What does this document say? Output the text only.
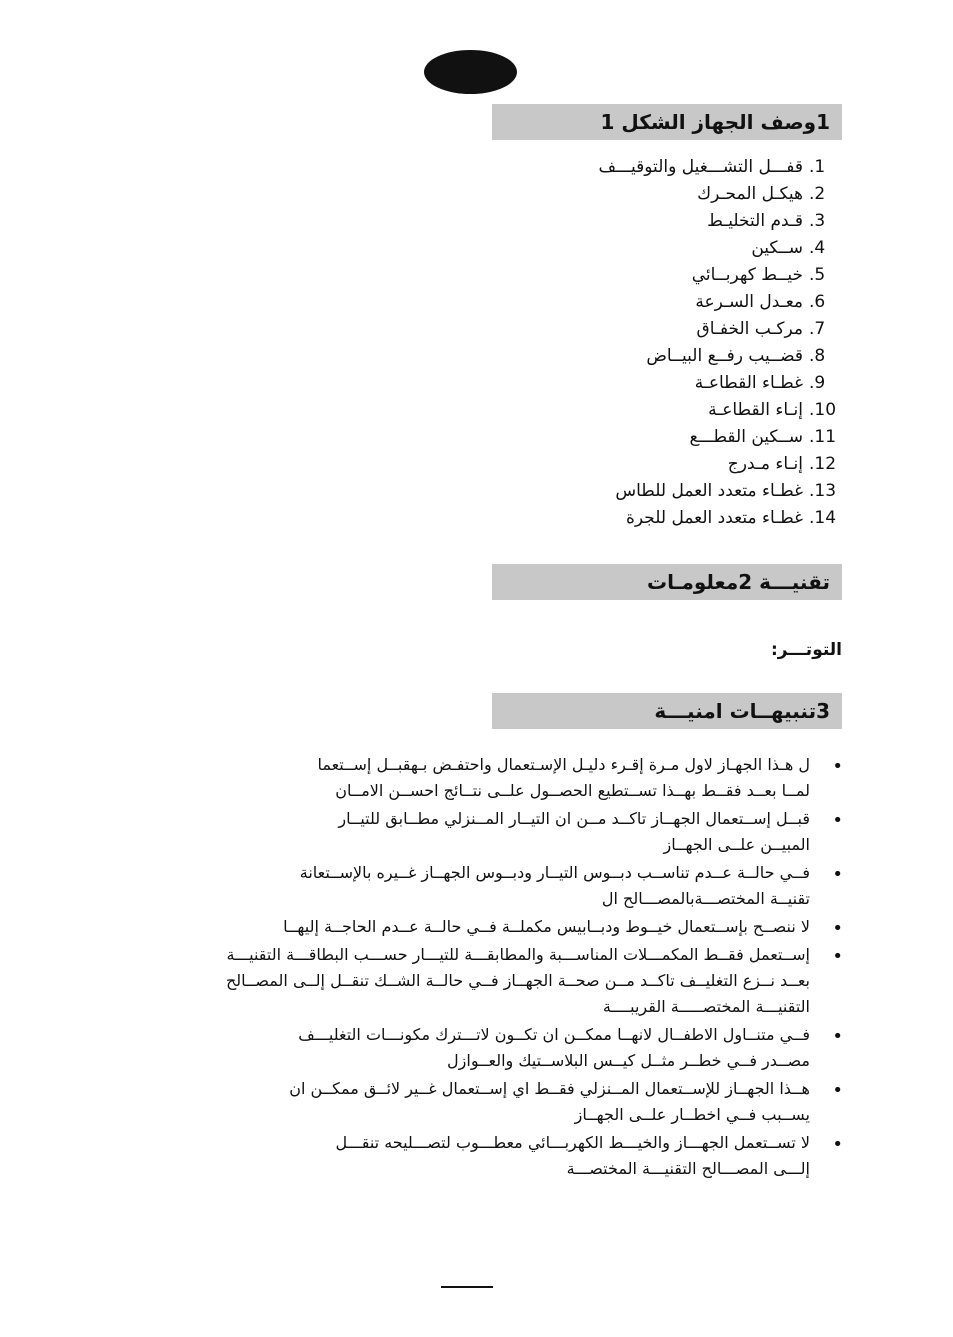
1وصف الجهاز الشكل 1
قفـــل التشـــغيل والتوقيـــف 1.
هيكـل المحـرك 2.
قـدم التخليـط 3.
ســكين 4.
خيــط كهربــائي 5.
معـدل السـرعة 6.
مركـب الخفـاق 7.
قضــيب رفــع البيــاض 8.
غطـاء القطاعـة 9.
إنـاء القطاعـة 10.
ســكين القطـــع 11.
إنـاء مـدرج 12.
غطـاء متعدد العمل للطاس 13.
غطـاء متعدد العمل للجرة 14.
تقنيـــة 2معلومـات
التوتـــر:
3تنبيهــات امنيـــة
•
ل هـذا الجهـاز لاول مـرة إقـرء دليـل الإسـتعمال واحتفـض بـهقبــل إســتعما
لمــا بعــد فقــط بهــذا تســتطيع الحصــول علــى نتــائج احســن الامــان
•
قبــل إســتعمال الجهــاز تاكــد مــن ان التيــار المــنزلي مطــابق للتيــار
المبيــن علــى الجهــاز
•
فــي حالــة عــدم تناســب دبــوس التيــار ودبــوس الجهــاز غــيره بالإســتعانة
تقنيــة المختصـــةبالمصـــالح ال
•
لا ننصــح بإســتعمال خيــوط ودبــابيس مكملــة فــي حالــة عــدم الحاجــة إليهــا
•
إســتعمل فقــط المكمـــلات المناســـبة والمطابقـــة للتيـــار حســـب البطاقـــة التقنيـــة
بعــد نــزع التغليــف تاكــد مــن صحــة الجهــاز فــي حالــة الشــك تنقــل إلــى المصــالح
التقنيـــة المختصـــــة القريبــــة
•
فــي متنــاول الاطفــال لانهــا ممكــن ان تكــون لاتـــترك مكونـــات التغليـــف
مصــدر فــي خطــر مثــل كيــس البلاســتيك والعــوازل
•
هــذا الجهــاز للإســتعمال المــنزلي فقــط اي إســتعمال غــير لائــق ممكــن ان
يســبب فــي اخطــار علــى الجهــاز
•
لا تســتعمل الجهـــاز والخيـــط الكهربـــائي معطـــوب لتصـــليحه تنقـــل
إلـــى المصـــالح التقنيـــة المختصـــة
